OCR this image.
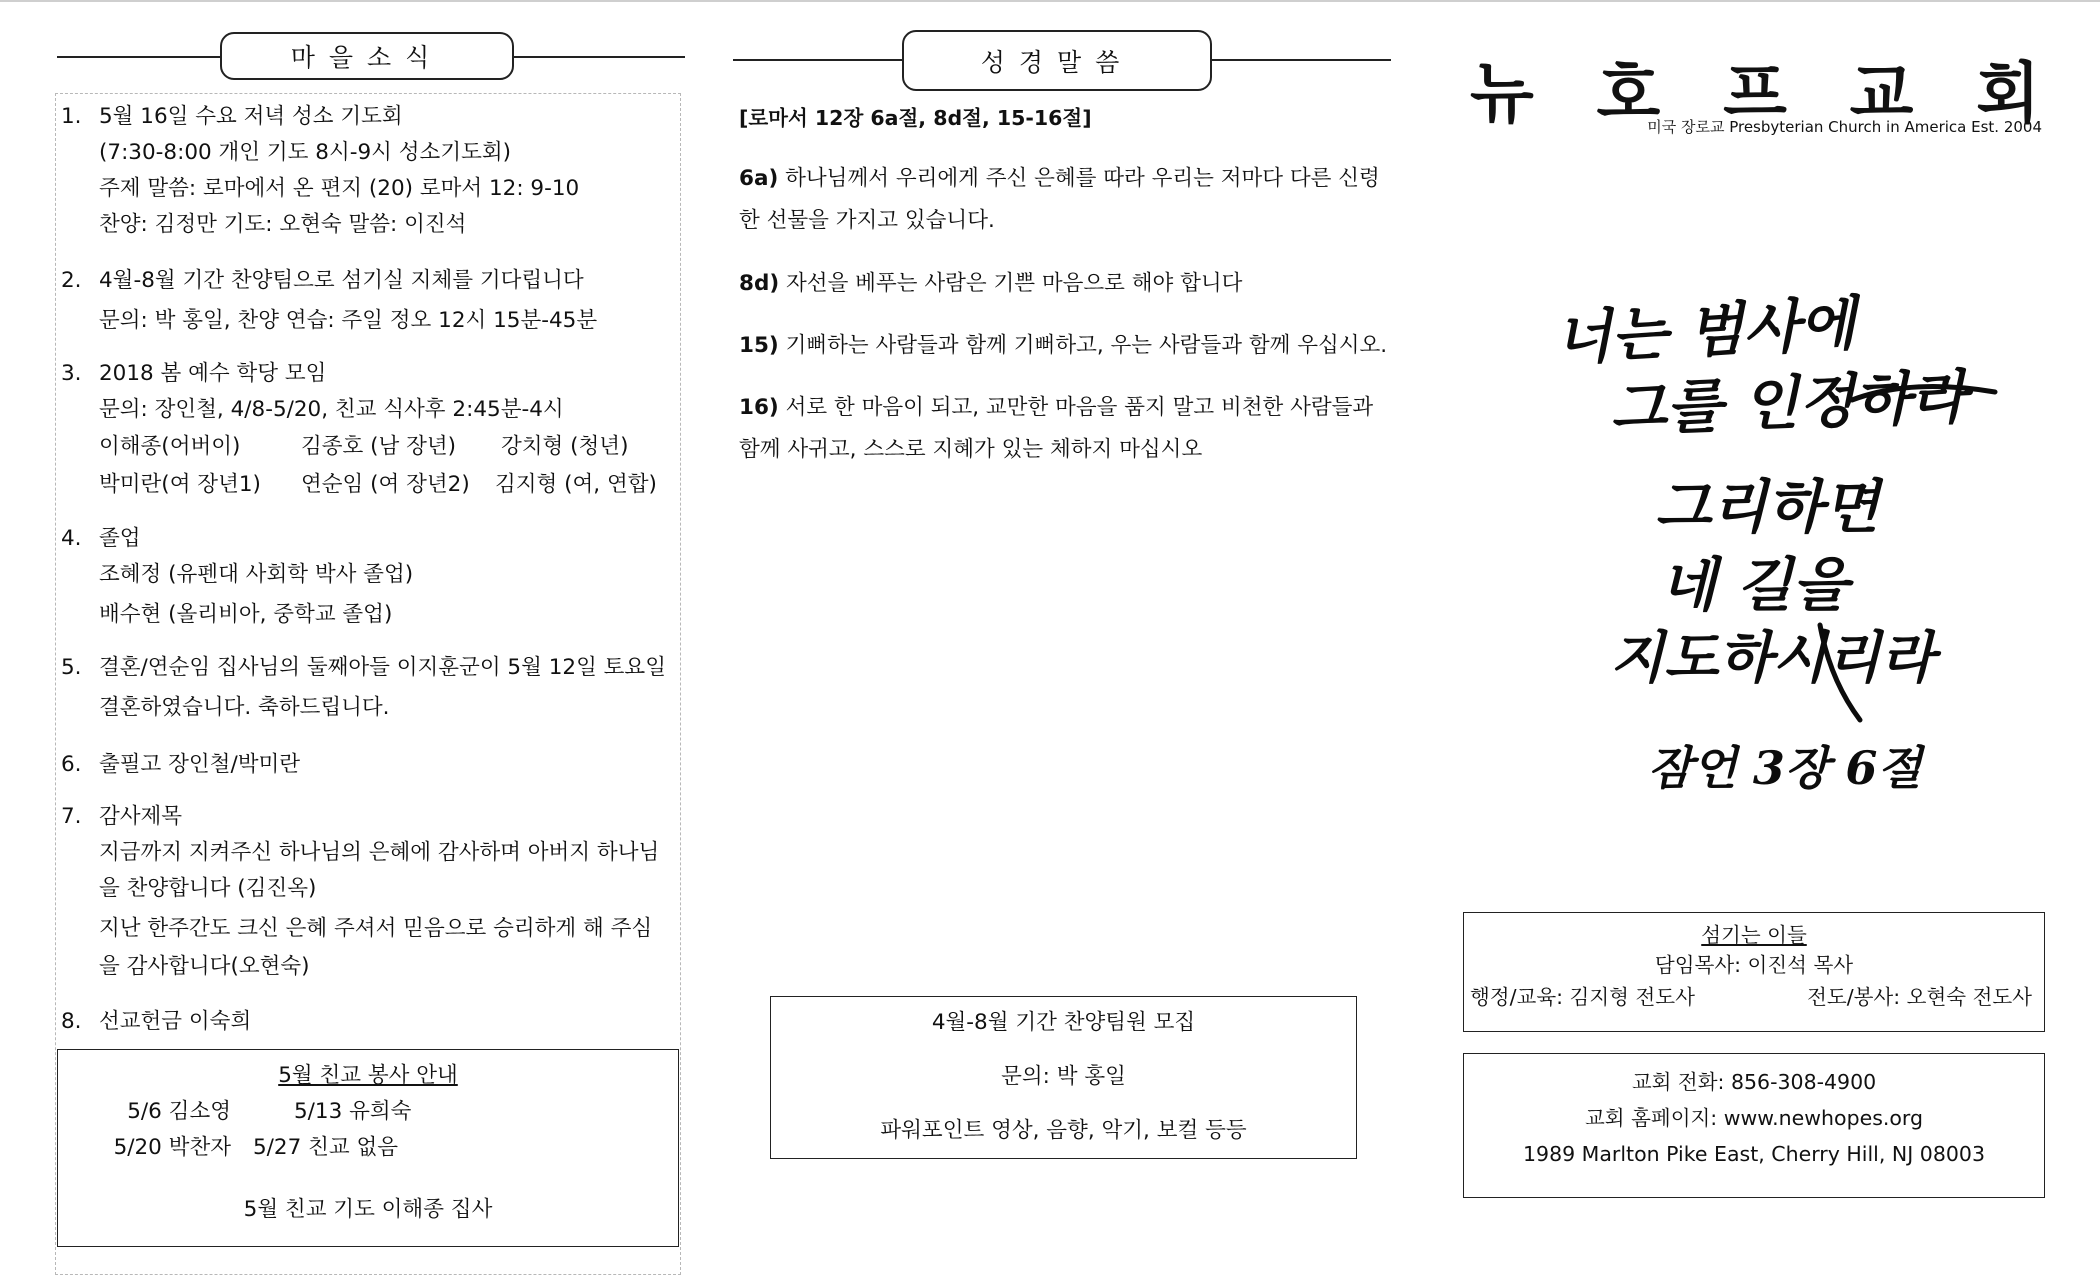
마을소식
1. 5월 16일 수요 저녁 성소 기도회
(7:30-8:00 개인 기도 8시-9시 성소기도회)
주제 말씀: 로마에서 온 편지 (20) 로마서 12: 9-10
찬양: 김정만 기도: 오현숙 말씀: 이진석
2. 4월-8월 기간 찬양팀으로 섬기실 지체를 기다립니다
문의: 박 홍일, 찬양 연습: 주일 정오 12시 15분-45분
3. 2018 봄 예수 학당 모임
문의: 장인철, 4/8-5/20, 친교 식사후 2:45분-4시
이해종(어버이)	김종호 (남 장년)	강치형 (청년)
박미란(여 장년1)	연순임 (여 장년2)	김지형 (여, 연합)
4. 졸업
조혜정 (유펜대 사회학 박사 졸업)
배수현 (올리비아, 중학교 졸업)
5. 결혼/연순임 집사님의 둘째아들 이지훈군이 5월 12일 토요일
결혼하였습니다. 축하드립니다.
6. 출필고 장인철/박미란
7. 감사제목
지금까지 지켜주신 하나님의 은혜에 감사하며 아버지 하나님
을 찬양합니다 (김진옥)
지난 한주간도 크신 은혜 주셔서 믿음으로 승리하게 해 주심
을 감사합니다(오현숙)
8. 선교헌금 이숙희
5월 친교 봉사 안내
5/6 김소영	5/13 유희숙
5/20 박찬자 5/27 친교 없음
5월 친교 기도 이해종 집사
성경말씀
[로마서 12장 6a절, 8d절, 15-16절]

6a) 하나님께서 우리에게 주신 은혜를 따라 우리는 저마다 다른 신령

한 선물을 가지고 있습니다.

8d) 자선을 베푸는 사람은 기쁜 마음으로 해야 합니다

15) 기뻐하는 사람들과 함께 기뻐하고, 우는 사람들과 함께 우십시오.

16) 서로 한 마음이 되고, 교만한 마음을 품지 말고 비천한 사람들과

함께 사귀고, 스스로 지혜가 있는 체하지 마십시오

4월-8월 기간 찬양팀원 모집
문의: 박 홍일
파워포인트 영상, 음향, 악기, 보컬 등등
뉴 호 프 교 회
미국 장로교 Presbyterian Church in America Est. 2004
너는 범사에
그를 인정하라
그리하면
네 길을
지도하시리라
잠언 3장 6절
섬기는 이들
담임목사: 이진석 목사
행정/교육: 김지형 전도사	전도/봉사: 오현숙 전도사
교회 전화: 856-308-4900
교회 홈페이지: www.newhopes.org
1989 Marlton Pike East, Cherry Hill, NJ 08003
